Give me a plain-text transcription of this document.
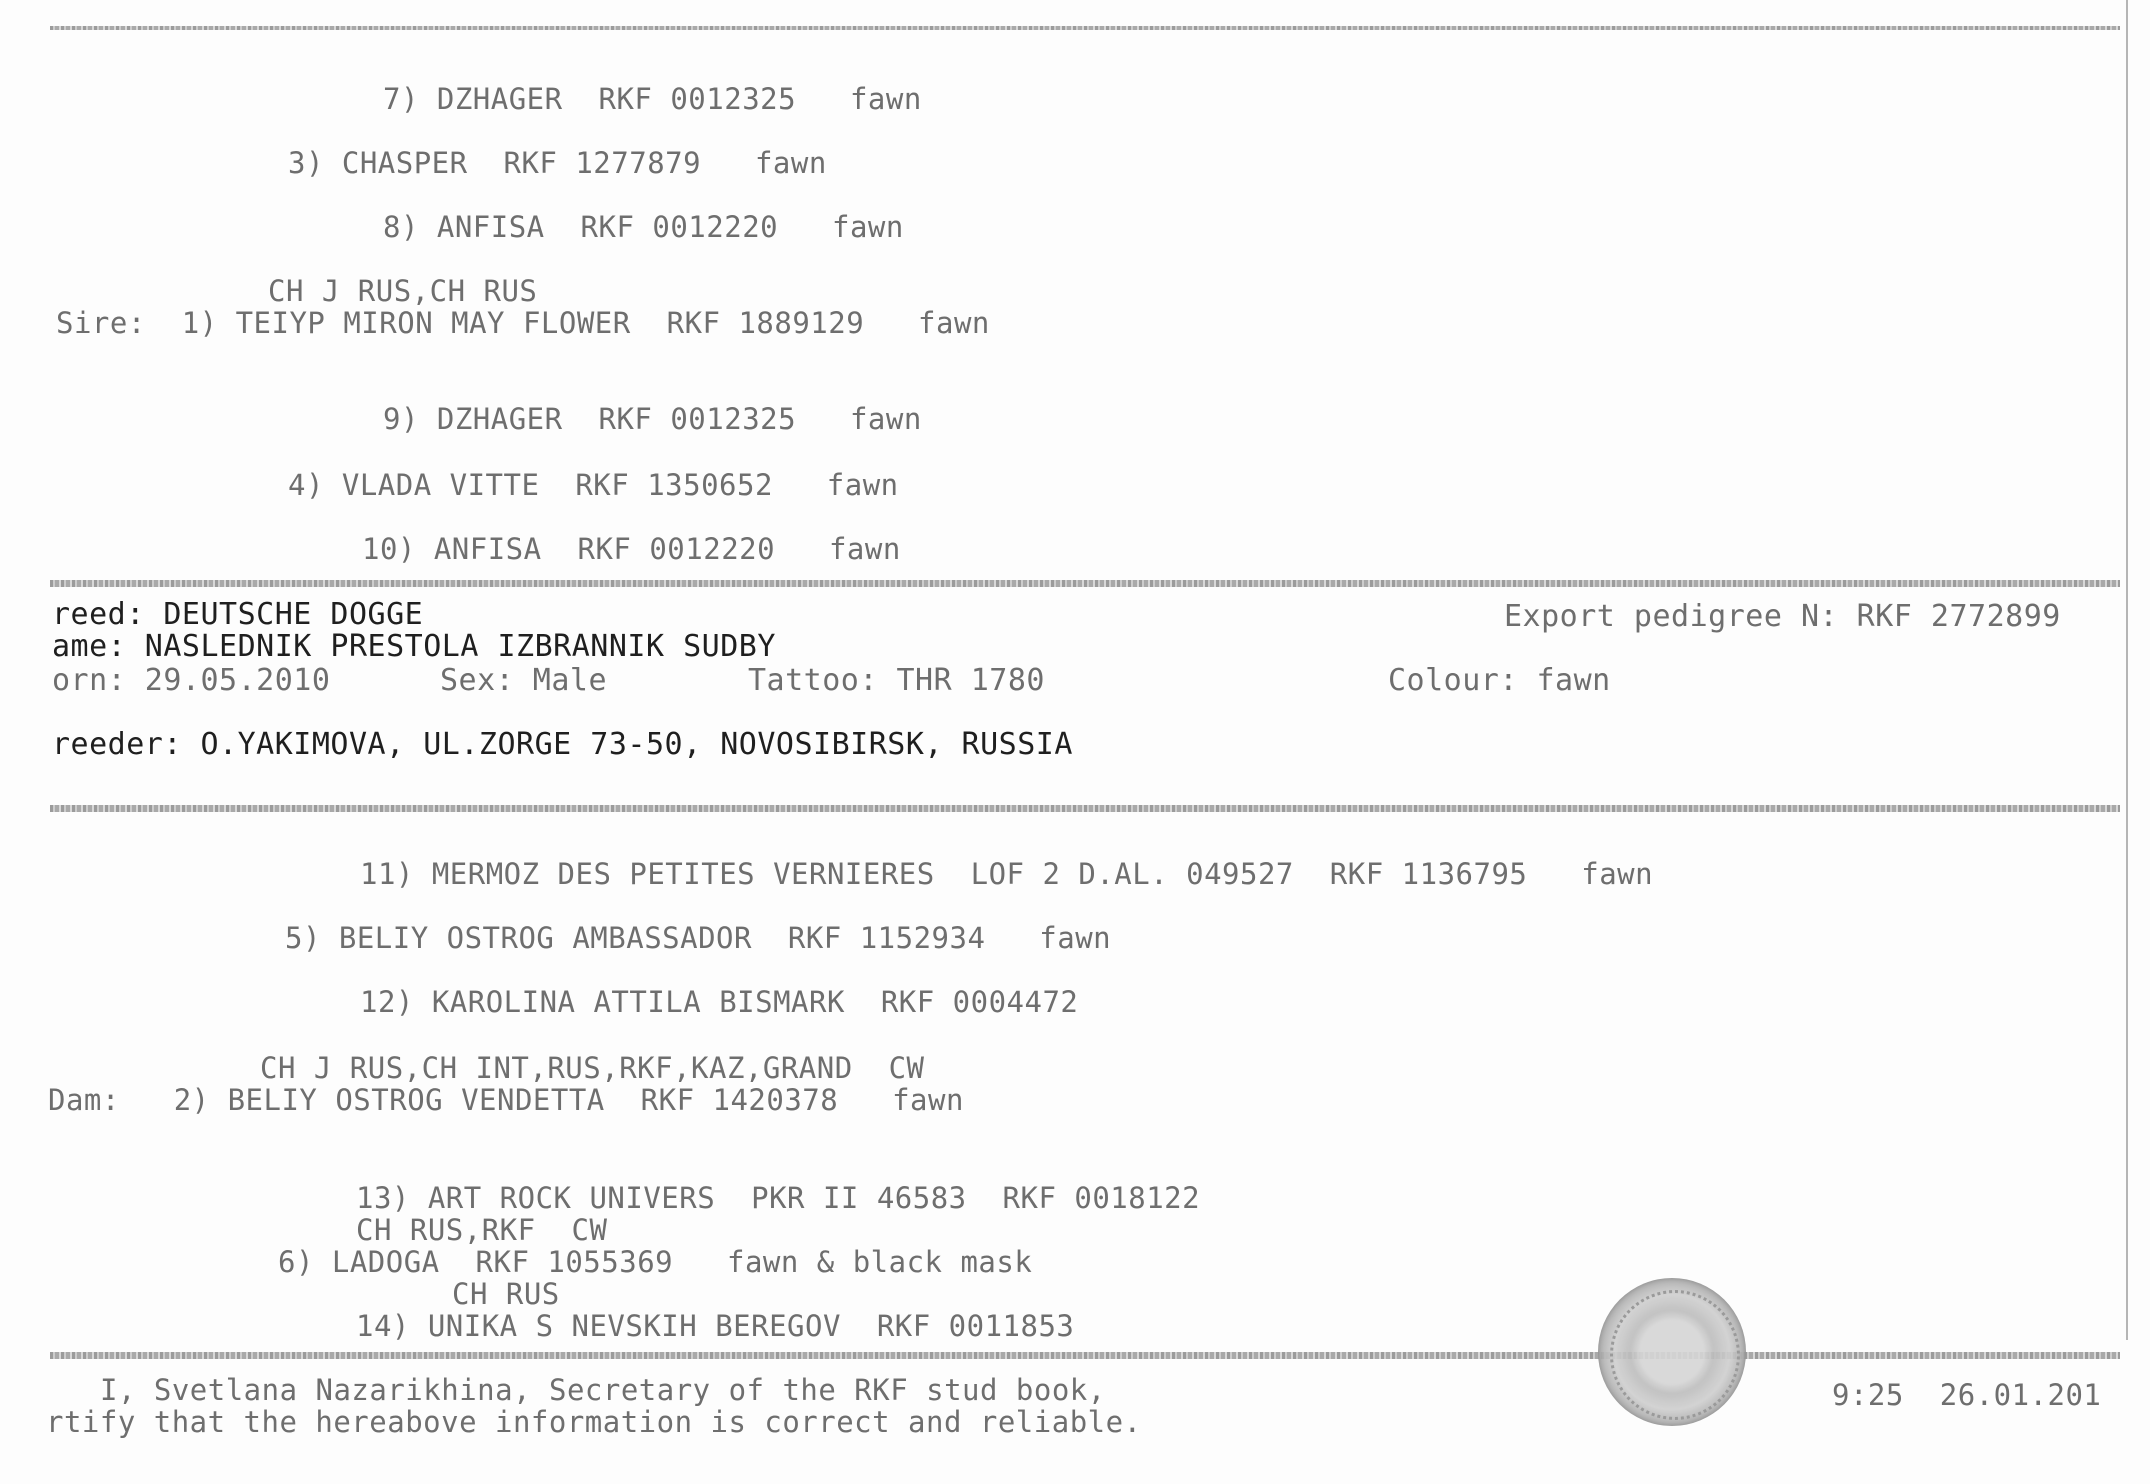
7) DZHAGER  RKF 0012325   fawn
3) CHASPER  RKF 1277879   fawn
8) ANFISA  RKF 0012220   fawn
CH J RUS,CH RUS
Sire:  1) TEIYP MIRON MAY FLOWER  RKF 1889129   fawn
9) DZHAGER  RKF 0012325   fawn
4) VLADA VITTE  RKF 1350652   fawn
10) ANFISA  RKF 0012220   fawn
reed: DEUTSCHE DOGGE	Export pedigree N: RKF 2772899
ame: NASLEDNIK PRESTOLA IZBRANNIK SUDBY
orn: 29.05.2010	Sex: Male	Tattoo: THR 1780	Colour: fawn
reeder: O.YAKIMOVA, UL.ZORGE 73-50, NOVOSIBIRSK, RUSSIA
11) MERMOZ DES PETITES VERNIERES  LOF 2 D.AL. 049527  RKF 1136795   fawn
5) BELIY OSTROG AMBASSADOR  RKF 1152934   fawn
12) KAROLINA ATTILA BISMARK  RKF 0004472
CH J RUS,CH INT,RUS,RKF,KAZ,GRAND  CW
Dam:   2) BELIY OSTROG VENDETTA  RKF 1420378   fawn
13) ART ROCK UNIVERS  PKR II 46583  RKF 0018122
CH RUS,RKF  CW
6) LADOGA  RKF 1055369   fawn & black mask
CH RUS
14) UNIKA S NEVSKIH BEREGOV  RKF 0011853
I, Svetlana Nazarikhina, Secretary of the RKF stud book,
rtify that the hereabove information is correct and reliable.
9:25  26.01.201
